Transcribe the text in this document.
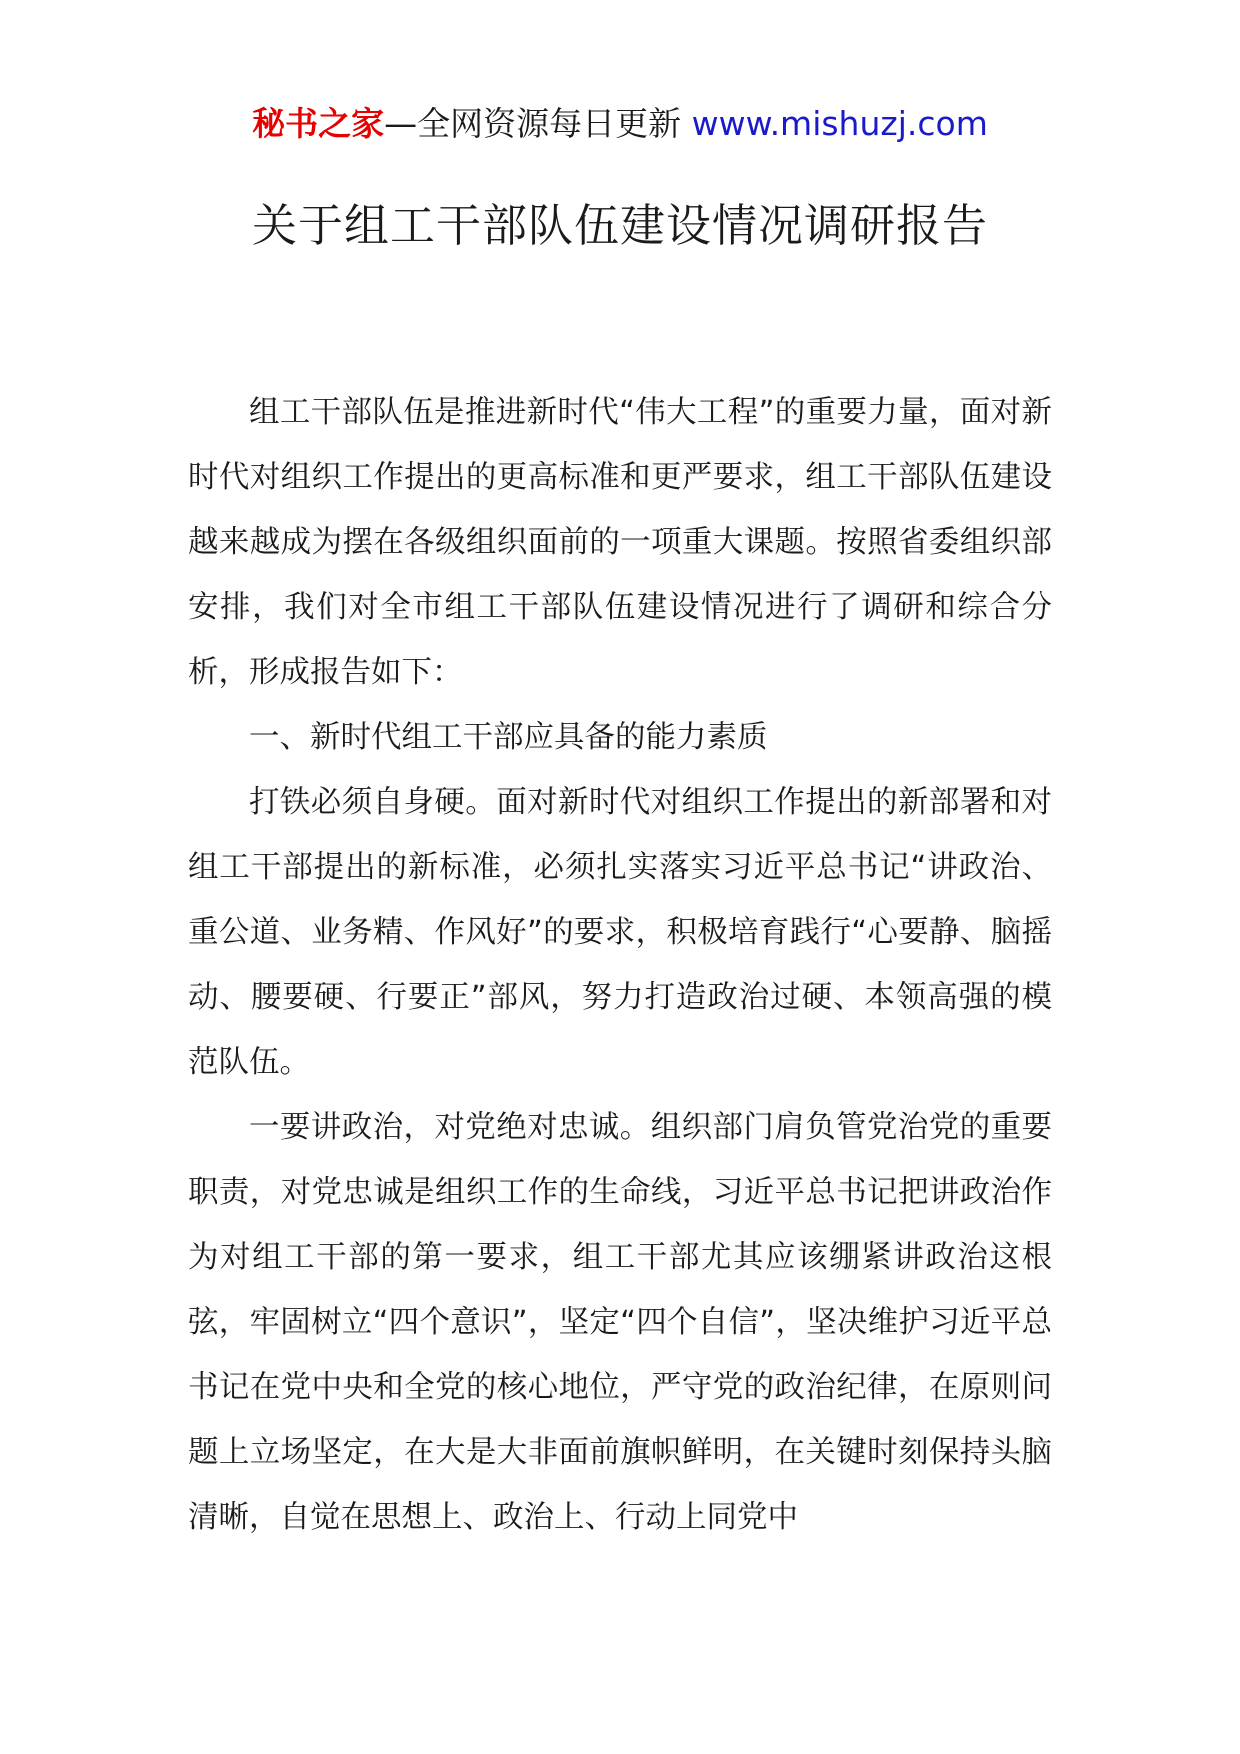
秘书之家—全网资源每日更新 www.mishuzj.com
关于组工干部队伍建设情况调研报告

组工干部队伍是推进新时代“伟大工程”的重要力量，面对新时代对组织工作提出的更高标准和更严要求，组工干部队伍建设越来越成为摆在各级组织面前的一项重大课题。按照省委组织部安排，我们对全市组工干部队伍建设情况进行了调研和综合分析，形成报告如下：

一、新时代组工干部应具备的能力素质

打铁必须自身硬。面对新时代对组织工作提出的新部署和对组工干部提出的新标准，必须扎实落实习近平总书记“讲政治、重公道、业务精、作风好”的要求，积极培育践行“心要静、脑摇动、腰要硬、行要正”部风，努力打造政治过硬、本领高强的模范队伍。

一要讲政治，对党绝对忠诚。组织部门肩负管党治党的重要职责，对党忠诚是组织工作的生命线，习近平总书记把讲政治作为对组工干部的第一要求，组工干部尤其应该绷紧讲政治这根弦，牢固树立“四个意识”，坚定“四个自信”，坚决维护习近平总书记在党中央和全党的核心地位，严守党的政治纪律，在原则问题上立场坚定，在大是大非面前旗帜鲜明，在关键时刻保持头脑清晰，自觉在思想上、政治上、行动上同党中
